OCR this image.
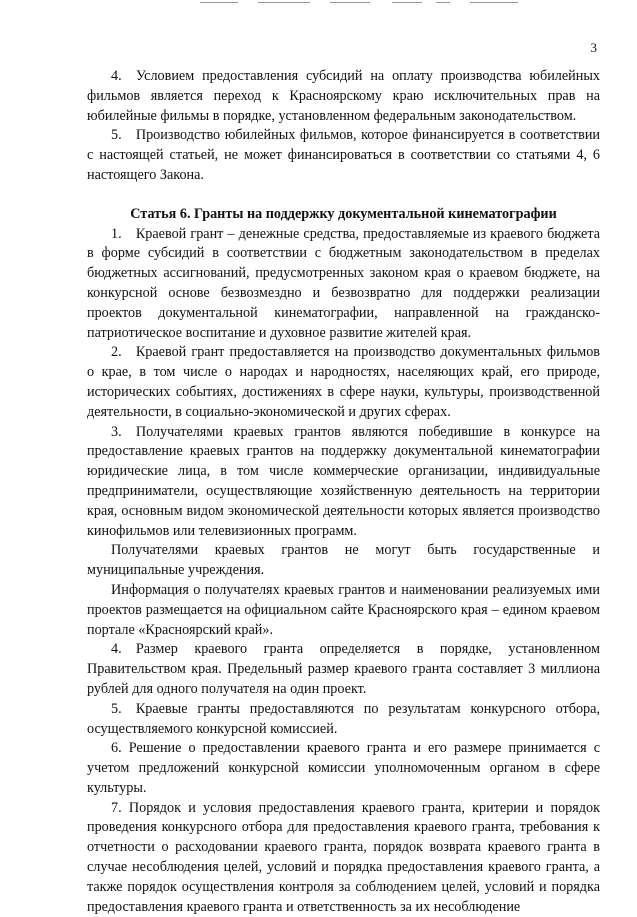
3

4. Условием предоставления субсидий на оплату производства юбилейных фильмов является переход к Красноярскому краю исключительных прав на юбилейные фильмы в порядке, установленном федеральным законодательством.

5. Производство юбилейных фильмов, которое финансируется в соответствии с настоящей статьей, не может финансироваться в соответствии со статьями 4, 6 настоящего Закона.

Статья 6. Гранты на поддержку документальной кинематографии

1. Краевой грант – денежные средства, предоставляемые из краевого бюджета в форме субсидий в соответствии с бюджетным законодательством в пределах бюджетных ассигнований, предусмотренных законом края о краевом бюджете, на конкурсной основе безвозмездно и безвозвратно для поддержки реализации проектов документальной кинематографии, направленной на гражданско-патриотическое воспитание и духовное развитие жителей края.

2. Краевой грант предоставляется на производство документальных фильмов о крае, в том числе о народах и народностях, населяющих край, его природе, исторических событиях, достижениях в сфере науки, культуры, производственной деятельности, в социально-экономической и других сферах.

3. Получателями краевых грантов являются победившие в конкурсе на предоставление краевых грантов на поддержку документальной кинематографии юридические лица, в том числе коммерческие организации, индивидуальные предприниматели, осуществляющие хозяйственную деятельность на территории края, основным видом экономической деятельности которых является производство кинофильмов или телевизионных программ.

Получателями краевых грантов не могут быть государственные и муниципальные учреждения.

Информация о получателях краевых грантов и наименовании реализуемых ими проектов размещается на официальном сайте Красноярского края – едином краевом портале «Красноярский край».

4. Размер краевого гранта определяется в порядке, установленном Правительством края. Предельный размер краевого гранта составляет 3 миллиона рублей для одного получателя на один проект.

5. Краевые гранты предоставляются по результатам конкурсного отбора, осуществляемого конкурсной комиссией.

6. Решение о предоставлении краевого гранта и его размере принимается с учетом предложений конкурсной комиссии уполномоченным органом в сфере культуры.

7. Порядок и условия предоставления краевого гранта, критерии и порядок проведения конкурсного отбора для предоставления краевого гранта, требования к отчетности о расходовании краевого гранта, порядок возврата краевого гранта в случае несоблюдения целей, условий и порядка предоставления краевого гранта, а также порядок осуществления контроля за соблюдением целей, условий и порядка предоставления краевого гранта и ответственность за их несоблюдение
